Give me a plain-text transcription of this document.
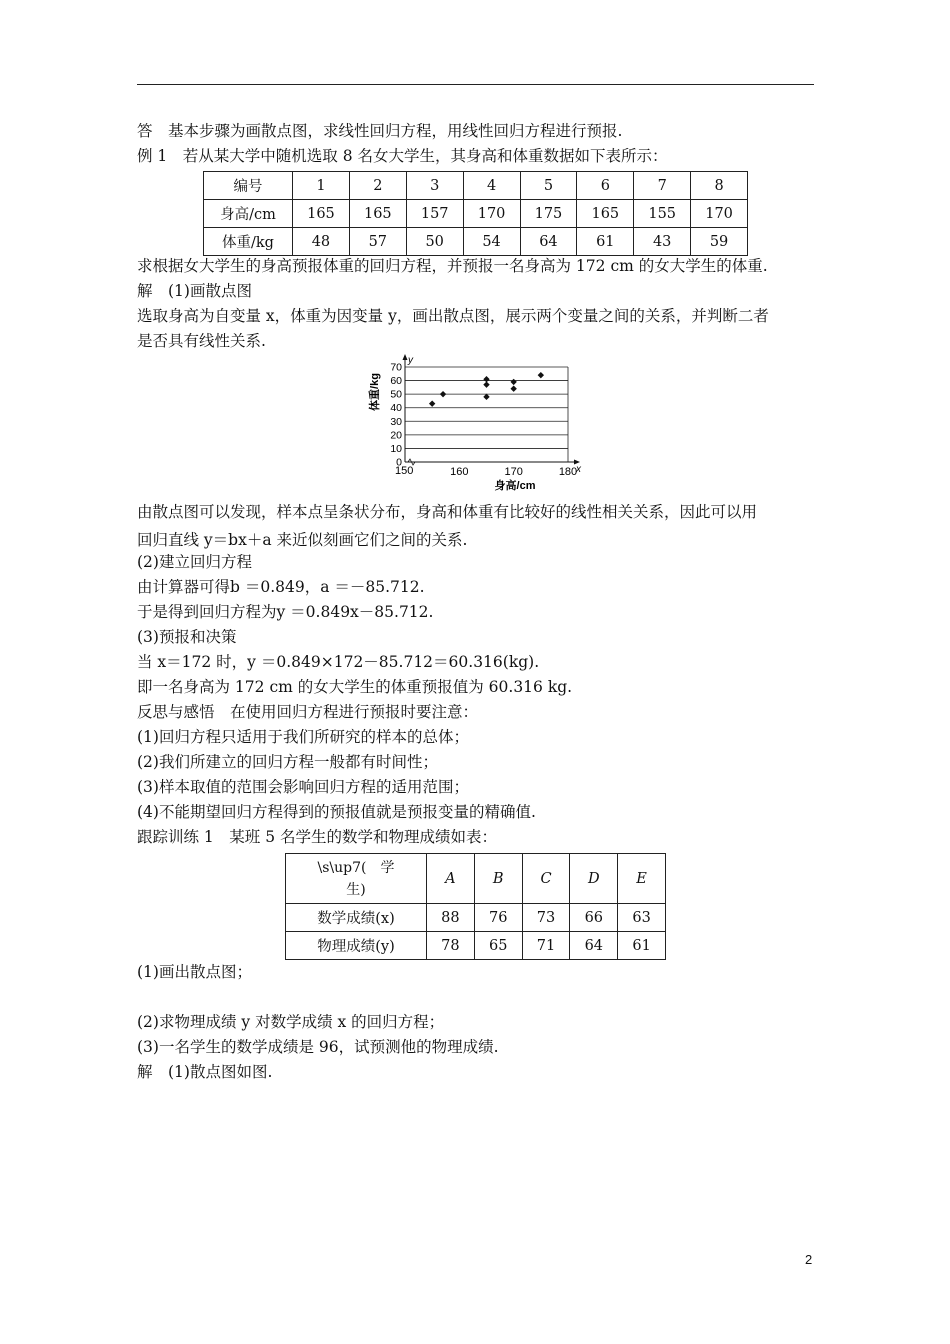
答　基本步骤为画散点图，求线性回归方程，用线性回归方程进行预报.
例 1　若从某大学中随机选取 8 名女大学生，其身高和体重数据如下表所示：
编号	1	2	3	4	5	6	7	8
身高/cm	165	165	157	170	175	165	155	170
体重/kg	48	57	50	54	64	61	43	59
求根据女大学生的身高预报体重的回归方程，并预报一名身高为 172 cm 的女大学生的体重.
解　(1)画散点图
选取身高为自变量 x，体重为因变量 y，画出散点图，展示两个变量之间的关系，并判断二者
是否具有线性关系.
0
10
20
30
40
50
60
70
160	170	180
体重/kg
身高/cm
y
x
150
由散点图可以发现，样本点呈条状分布，身高和体重有比较好的线性相关关系，因此可以用
回归直线 y＝bx＋a 来近似刻画它们之间的关系.
(2)建立回归方程
由计算器可得b ＝0.849，a ＝－85.712.
于是得到回归方程为y ＝0.849x－85.712.
(3)预报和决策
当 x＝172 时，y ＝0.849×172－85.712＝60.316(kg).
即一名身高为 172 cm 的女大学生的体重预报值为 60.316 kg.
反思与感悟　在使用回归方程进行预报时要注意：
(1)回归方程只适用于我们所研究的样本的总体；
(2)我们所建立的回归方程一般都有时间性；
(3)样本取值的范围会影响回归方程的适用范围；
(4)不能期望回归方程得到的预报值就是预报变量的精确值.
跟踪训练 1　某班 5 名学生的数学和物理成绩如表：
\s\up7(　学
生)	A	B	C	D	E
数学成绩(x)	88	76	73	66	63
物理成绩(y)	78	65	71	64	61
(1)画出散点图；
(2)求物理成绩 y 对数学成绩 x 的回归方程；
(3)一名学生的数学成绩是 96，试预测他的物理成绩.
解　(1)散点图如图.
2
